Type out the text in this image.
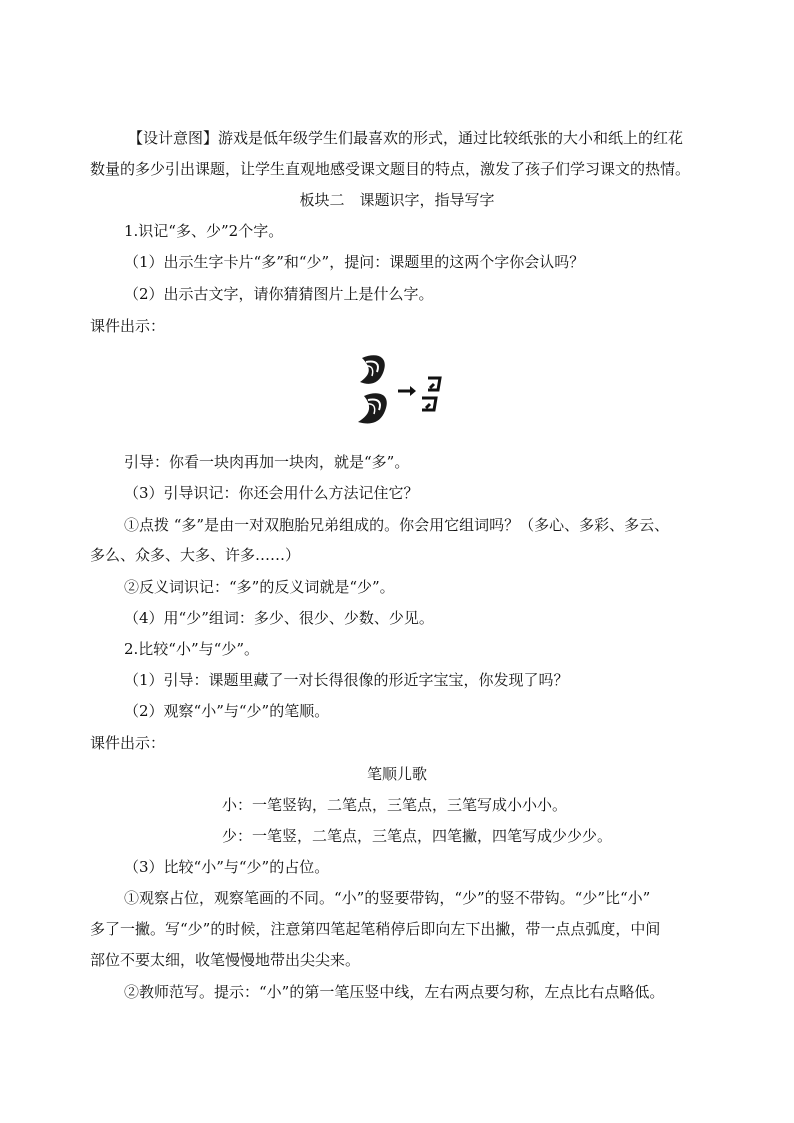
【设计意图】游戏是低年级学生们最喜欢的形式，通过比较纸张的大小和纸上的红花
数量的多少引出课题，让学生直观地感受课文题目的特点，激发了孩子们学习课文的热情。
板块二　课题识字，指导写字
1.识记“多、少”2个字。
（1）出示生字卡片“多”和“少”，提问：课题里的这两个字你会认吗？
（2）出示古文字，请你猜猜图片上是什么字。
课件出示：
引导：你看一块肉再加一块肉，就是“多”。
（3）引导识记：你还会用什么方法记住它？
①点拨 “多”是由一对双胞胎兄弟组成的。你会用它组词吗？（多心、多彩、多云、
多么、众多、大多、许多……）
②反义词识记：“多”的反义词就是“少”。
（4）用“少”组词：多少、很少、少数、少见。
2.比较“小”与“少”。
（1）引导：课题里藏了一对长得很像的形近字宝宝，你发现了吗？
（2）观察“小”与“少”的笔顺。
课件出示：
笔顺儿歌
小：一笔竖钩，二笔点，三笔点，三笔写成小小小。
少：一笔竖，二笔点，三笔点，四笔撇，四笔写成少少少。
（3）比较“小”与“少”的占位。
①观察占位，观察笔画的不同。“小”的竖要带钩，“少”的竖不带钩。“少”比“小”
多了一撇。写“少”的时候，注意第四笔起笔稍停后即向左下出撇，带一点点弧度，中间
部位不要太细，收笔慢慢地带出尖尖来。
②教师范写。提示：“小”的第一笔压竖中线，左右两点要匀称，左点比右点略低。
